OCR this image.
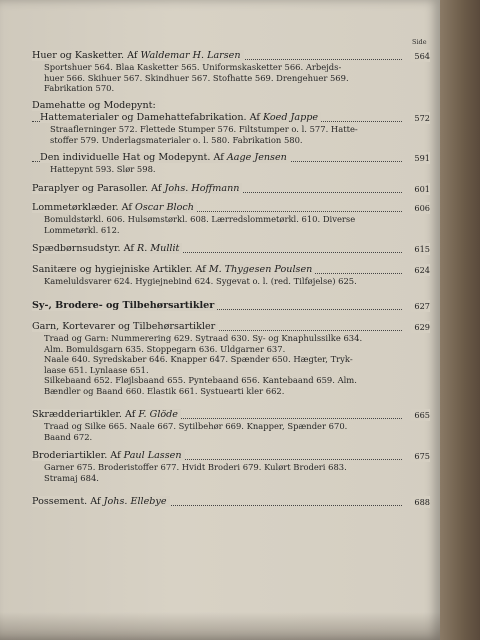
Side
Huer og Kasketter. Af Waldemar H. Larsen	564
Sportshuer 564. Blaa Kasketter 565. Uniformskasketter 566. Arbejds-
huer 566. Skihuer 567. Skindhuer 567. Stofhatte 569. Drengehuer 569.
Fabrikation 570.
Damehatte og Modepynt:
Hattematerialer og Damehattefabrikation. Af Koed Jappe	572
Straaflетninger 572. Flettede Stumper 576. Filtstumper o. l. 577. Hatte-
stoffer 579. Underlagsmaterialer o. l. 580. Fabrikation 580.
Den individuelle Hat og Modepynt. Af Aage Jensen	591
Hattepynt 593. Slør 598.
Paraplyer og Parasoller. Af Johs. Hoffmann	601
Lommetørklæder. Af Oscar Bloch	606
Bomuldstørkl. 606. Hulsømstørkl. 608. Lærredslommetørkl. 610. Diverse
Lommetørkl. 612.
Spædbørnsudstyr. Af R. Mullit	615
Sanitære og hygiejniske Artikler. Af M. Thygesen Poulsen	624
Kameluldsvarer 624. Hygiejnebind 624. Sygevat o. l. (red. Tilføjelse) 625.
Sy-, Brodere- og Tilbehørsartikler	627
Garn, Kortevarer og Tilbehørsartikler	629
Traad og Garn: Nummerering 629. Sytraad 630. Sy- og Knaphulssilke 634.
Alm. Bomuldsgarn 635. Stoppegarn 636. Uldgarner 637.
Naale 640. Syredskaber 646. Knapper 647. Spænder 650. Hægter, Tryk-
laase 651. Lynlaase 651.
Silkebaand 652. Fløjlsbaand 655. Pyntebaand 656. Kantebaand 659. Alm.
Bændler og Baand 660. Elastik 661. Systuearti kler 662.
Skrædderiartikler. Af F. Glöde	665
Traad og Silke 665. Naale 667. Sytilbehør 669. Knapper, Spænder 670.
Baand 672.
Broderiartikler. Af Paul Lassen	675
Garner 675. Broderistoffer 677. Hvidt Broderi 679. Kulørt Broderi 683.
Stramaj 684.
Possement. Af Johs. Ellebye	688
